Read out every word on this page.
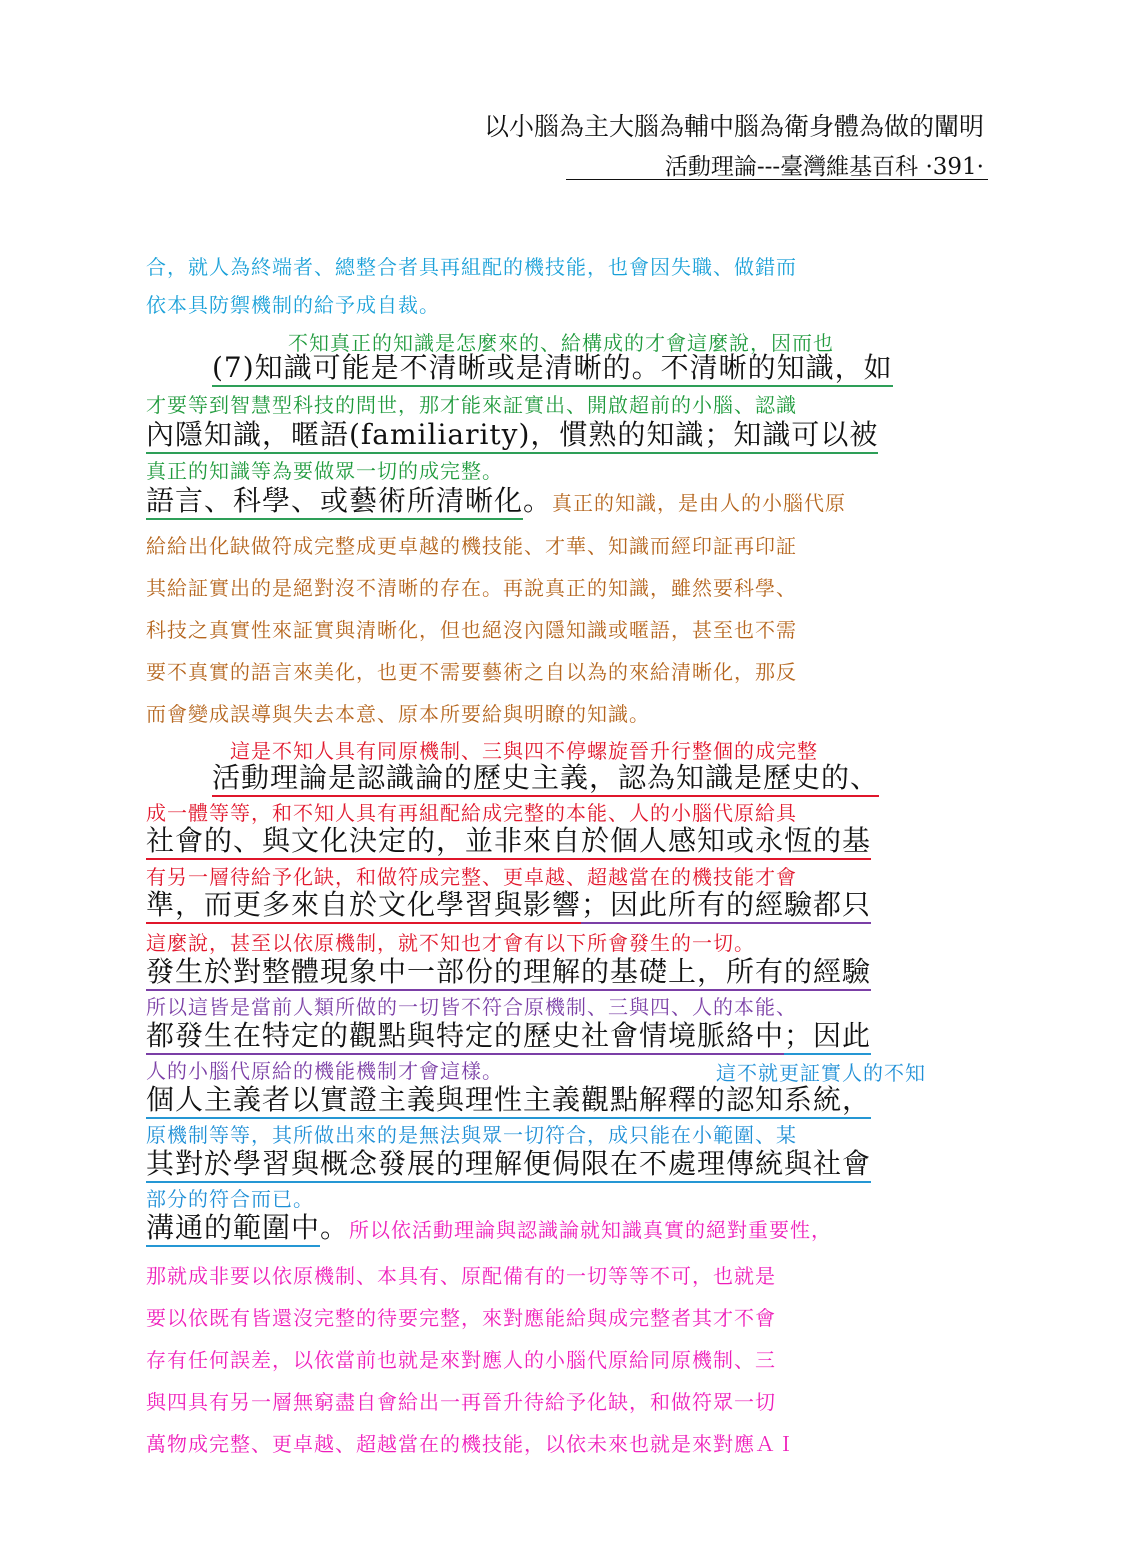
以小腦為主大腦為輔中腦為衛身體為做的闡明
活動理論---臺灣維基百科 ·391·
合，就人為終端者、總整合者具再組配的機技能，也會因失職、做錯而
依本具防禦機制的給予成自裁。
不知真正的知識是怎麼來的、給構成的才會這麼說，因而也
(7)知識可能是不清晰或是清晰的。不清晰的知識，如
才要等到智慧型科技的問世，那才能來証實出、開啟超前的小腦、認識
內隱知識，暱語(familiarity)，慣熟的知識；知識可以被
真正的知識等為要做眾一切的成完整。
語言、科學、或藝術所清晰化。真正的知識，是由人的小腦代原
給給出化缺做符成完整成更卓越的機技能、才華、知識而經印証再印証
其給証實出的是絕對沒不清晰的存在。再說真正的知識，雖然要科學、
科技之真實性來証實與清晰化，但也絕沒內隱知識或暱語，甚至也不需
要不真實的語言來美化，也更不需要藝術之自以為的來給清晰化，那反
而會變成誤導與失去本意、原本所要給與明瞭的知識。
這是不知人具有同原機制、三與四不停螺旋晉升行整個的成完整
活動理論是認識論的歷史主義，認為知識是歷史的、
成一體等等，和不知人具有再組配給成完整的本能、人的小腦代原給具
社會的、與文化決定的，並非來自於個人感知或永恆的基
有另一層待給予化缺，和做符成完整、更卓越、超越當在的機技能才會
準，而更多來自於文化學習與影響；因此所有的經驗都只
這麼說，甚至以依原機制，就不知也才會有以下所會發生的一切。
發生於對整體現象中一部份的理解的基礎上，所有的經驗
所以這皆是當前人類所做的一切皆不符合原機制、三與四、人的本能、
都發生在特定的觀點與特定的歷史社會情境脈絡中；因此
人的小腦代原給的機能機制才會這樣。	這不就更証實人的不知
個人主義者以實證主義與理性主義觀點解釋的認知系統，
原機制等等，其所做出來的是無法與眾一切符合，成只能在小範圍、某
其對於學習與概念發展的理解便侷限在不處理傳統與社會
部分的符合而已。
溝通的範圍中。所以依活動理論與認識論就知識真實的絕對重要性，
那就成非要以依原機制、本具有、原配備有的一切等等不可，也就是
要以依既有皆還沒完整的待要完整，來對應能給與成完整者其才不會
存有任何誤差，以依當前也就是來對應人的小腦代原給同原機制、三
與四具有另一層無窮盡自會給出一再晉升待給予化缺，和做符眾一切
萬物成完整、更卓越、超越當在的機技能，以依未來也就是來對應ＡＩ
